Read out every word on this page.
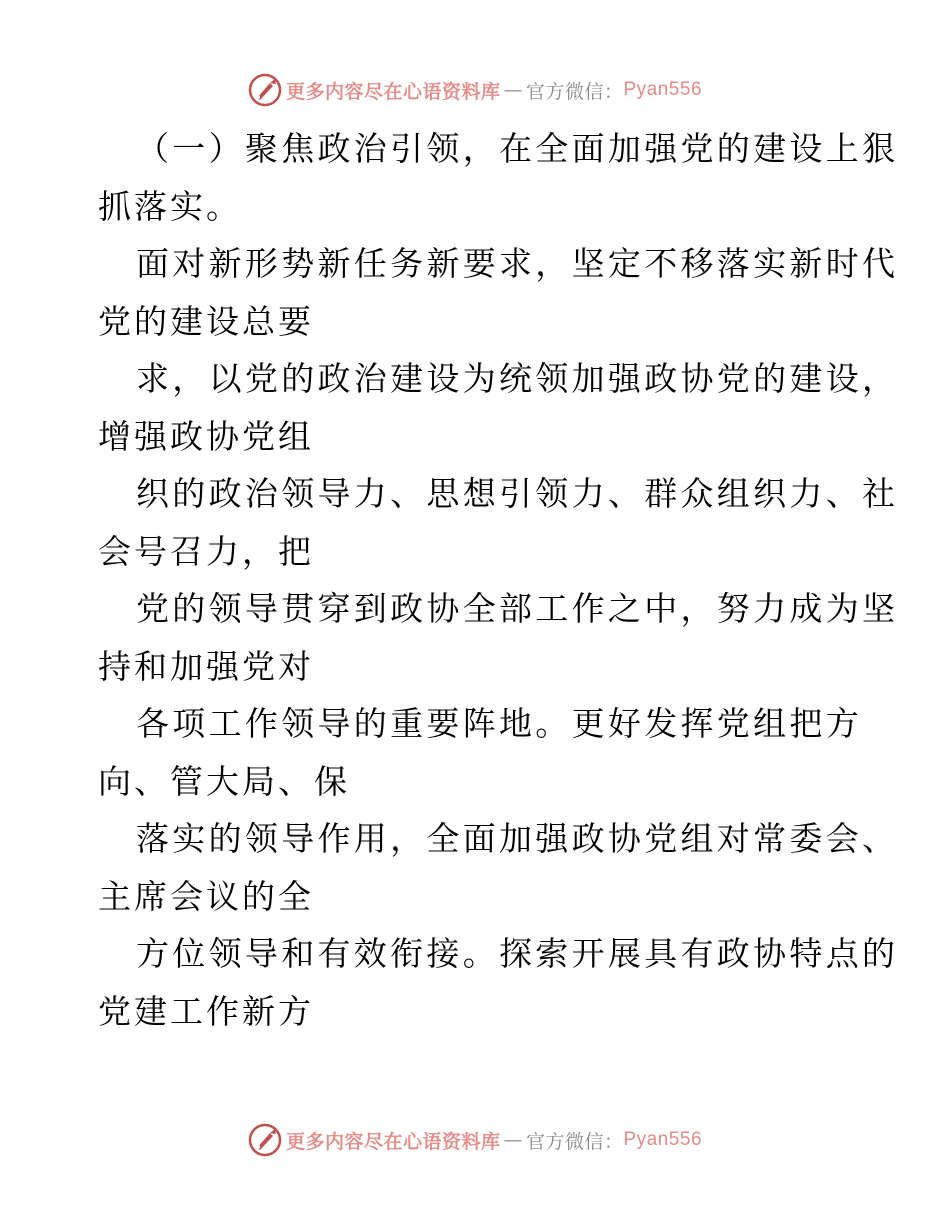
更多内容尽在心语资料库 — 官方微信： Pyan556
（一）聚焦政治引领，在全面加强党的建设上狠
抓落实。
面对新形势新任务新要求，坚定不移落实新时代
党的建设总要
求，以党的政治建设为统领加强政协党的建设，
增强政协党组
织的政治领导力、思想引领力、群众组织力、社
会号召力，把
党的领导贯穿到政协全部工作之中，努力成为坚
持和加强党对
各项工作领导的重要阵地。更好发挥党组把方
向、管大局、保
落实的领导作用，全面加强政协党组对常委会、
主席会议的全
方位领导和有效衔接。探索开展具有政协特点的
党建工作新方
更多内容尽在心语资料库 — 官方微信： Pyan556
